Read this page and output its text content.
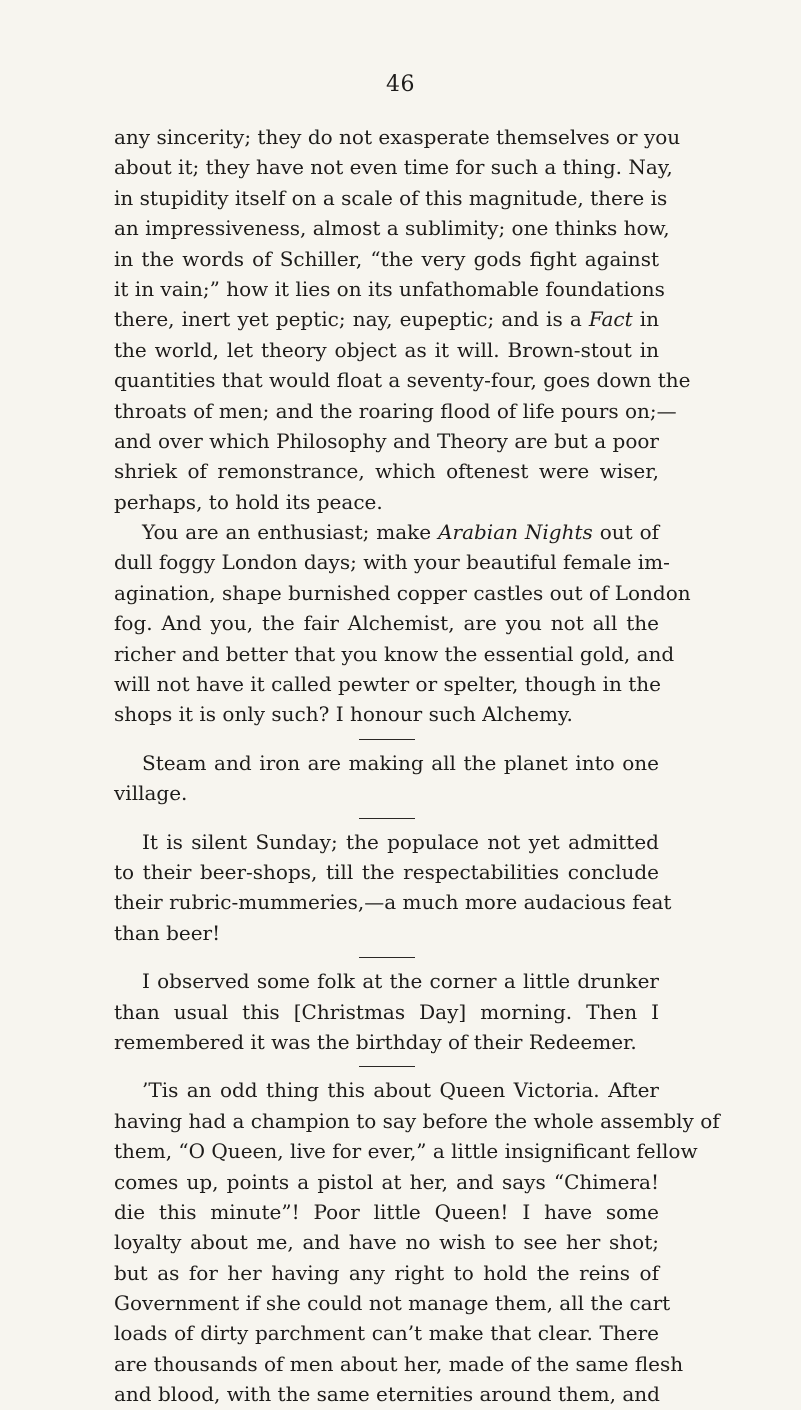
46
any sincerity; they do not exasperate themselves or you
about it; they have not even time for such a thing. Nay,
in stupidity itself on a scale of this magnitude, there is
an impressiveness, almost a sublimity; one thinks how,
in the words of Schiller, “the very gods fight against
it in vain;” how it lies on its unfathomable foundations
there, inert yet peptic; nay, eupeptic; and is a Fact in
the world, let theory object as it will. Brown-stout in
quantities that would float a seventy-four, goes down the
throats of men; and the roaring flood of life pours on;—
and over which Philosophy and Theory are but a poor
shriek of remonstrance, which oftenest were wiser,
perhaps, to hold its peace.
You are an enthusiast; make Arabian Nights out of
dull foggy London days; with your beautiful female im-
agination, shape burnished copper castles out of London
fog. And you, the fair Alchemist, are you not all the
richer and better that you know the essential gold, and
will not have it called pewter or spelter, though in the
shops it is only such? I honour such Alchemy.
Steam and iron are making all the planet into one
village.
It is silent Sunday; the populace not yet admitted
to their beer-shops, till the respectabilities conclude
their rubric-mummeries,—a much more audacious feat
than beer!
I observed some folk at the corner a little drunker
than usual this [Christmas Day] morning. Then I
remembered it was the birthday of their Redeemer.
’Tis an odd thing this about Queen Victoria. After
having had a champion to say before the whole assembly of
them, “O Queen, live for ever,” a little insignificant fellow
comes up, points a pistol at her, and says “Chimera!
die this minute”! Poor little Queen! I have some
loyalty about me, and have no wish to see her shot;
but as for her having any right to hold the reins of
Government if she could not manage them, all the cart
loads of dirty parchment can’t make that clear. There
are thousands of men about her, made of the same flesh
and blood, with the same eternities around them, and
